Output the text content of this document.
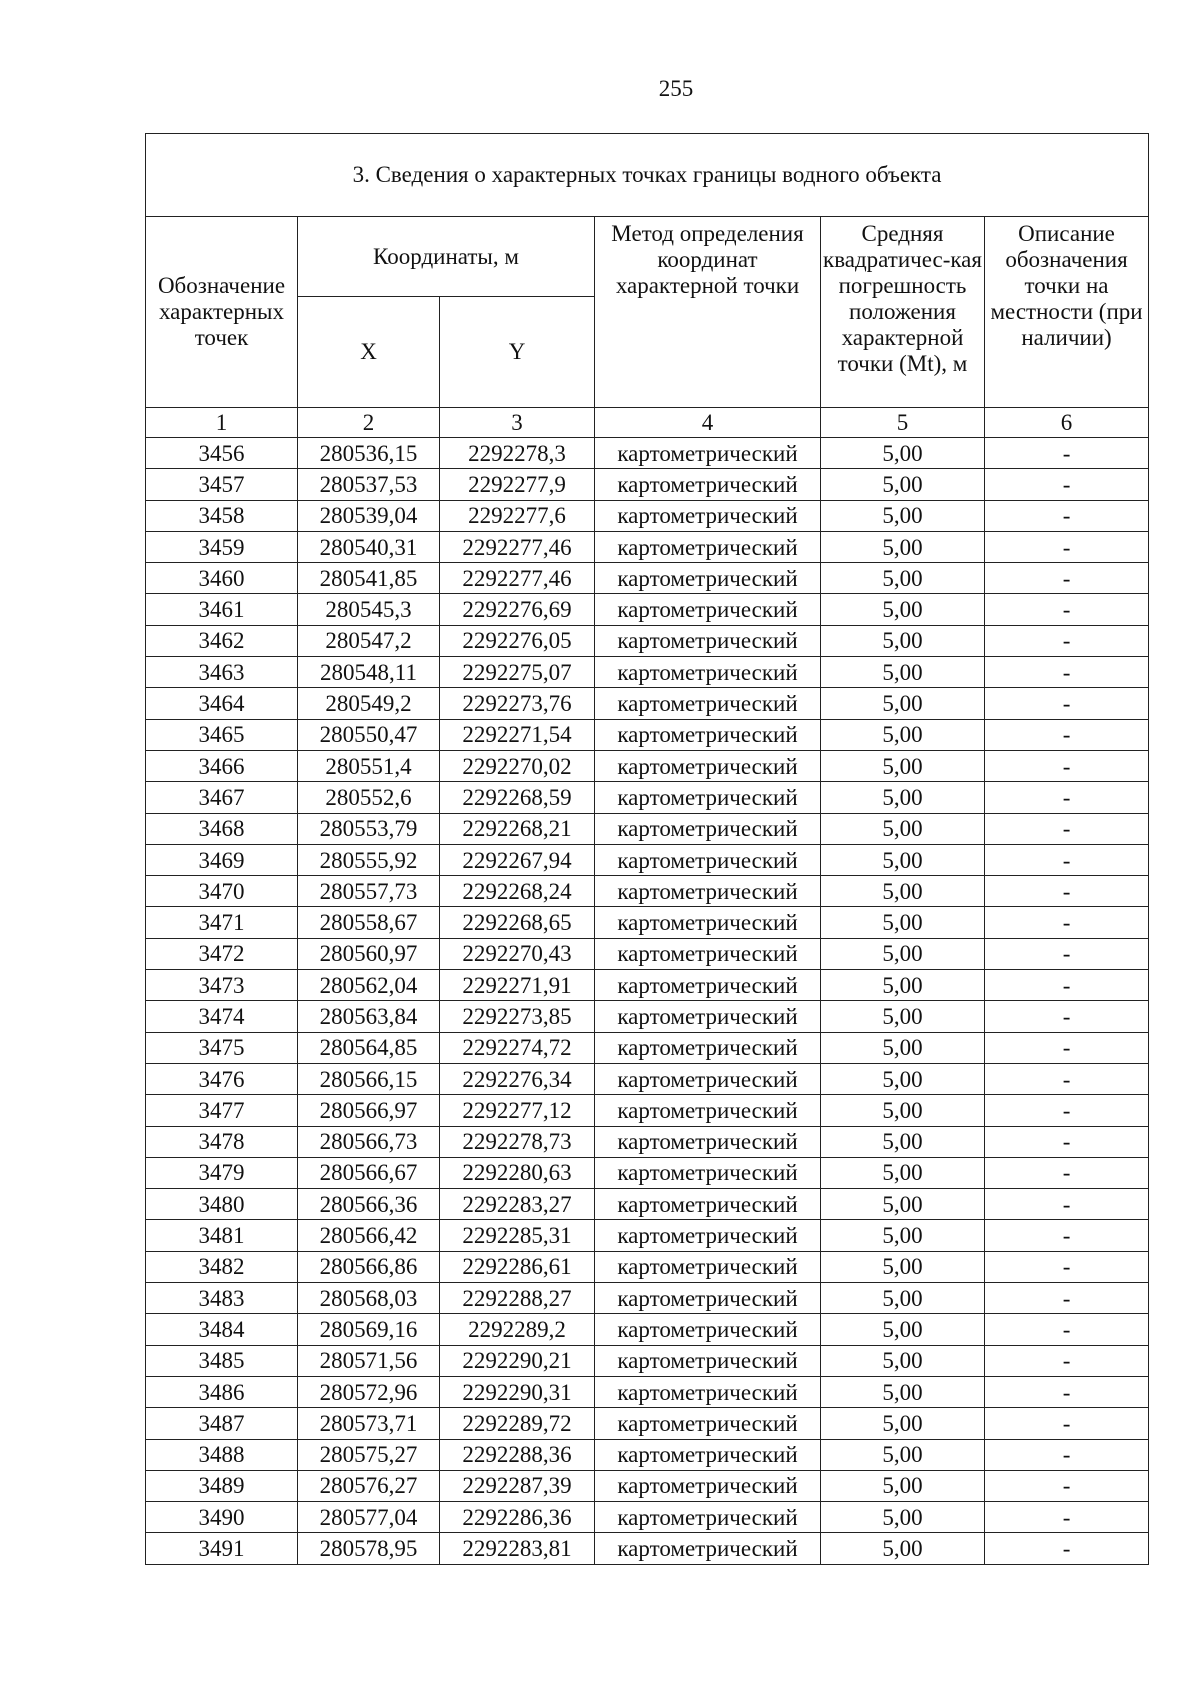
255
3. Сведения о характерных точках границы водного объекта					
Обозначение характерных точек	Координаты, м		Метод определения координат характерной точки	Средняя квадратичес-кая погрешность положения характерной точки (Mt), м	Описание обозначения точки на местности (при наличии)
	X	Y			
1	2	3	4	5	6
3456	280536,15	2292278,3	картометрический	5,00	-
3457	280537,53	2292277,9	картометрический	5,00	-
3458	280539,04	2292277,6	картометрический	5,00	-
3459	280540,31	2292277,46	картометрический	5,00	-
3460	280541,85	2292277,46	картометрический	5,00	-
3461	280545,3	2292276,69	картометрический	5,00	-
3462	280547,2	2292276,05	картометрический	5,00	-
3463	280548,11	2292275,07	картометрический	5,00	-
3464	280549,2	2292273,76	картометрический	5,00	-
3465	280550,47	2292271,54	картометрический	5,00	-
3466	280551,4	2292270,02	картометрический	5,00	-
3467	280552,6	2292268,59	картометрический	5,00	-
3468	280553,79	2292268,21	картометрический	5,00	-
3469	280555,92	2292267,94	картометрический	5,00	-
3470	280557,73	2292268,24	картометрический	5,00	-
3471	280558,67	2292268,65	картометрический	5,00	-
3472	280560,97	2292270,43	картометрический	5,00	-
3473	280562,04	2292271,91	картометрический	5,00	-
3474	280563,84	2292273,85	картометрический	5,00	-
3475	280564,85	2292274,72	картометрический	5,00	-
3476	280566,15	2292276,34	картометрический	5,00	-
3477	280566,97	2292277,12	картометрический	5,00	-
3478	280566,73	2292278,73	картометрический	5,00	-
3479	280566,67	2292280,63	картометрический	5,00	-
3480	280566,36	2292283,27	картометрический	5,00	-
3481	280566,42	2292285,31	картометрический	5,00	-
3482	280566,86	2292286,61	картометрический	5,00	-
3483	280568,03	2292288,27	картометрический	5,00	-
3484	280569,16	2292289,2	картометрический	5,00	-
3485	280571,56	2292290,21	картометрический	5,00	-
3486	280572,96	2292290,31	картометрический	5,00	-
3487	280573,71	2292289,72	картометрический	5,00	-
3488	280575,27	2292288,36	картометрический	5,00	-
3489	280576,27	2292287,39	картометрический	5,00	-
3490	280577,04	2292286,36	картометрический	5,00	-
3491	280578,95	2292283,81	картометрический	5,00	-
